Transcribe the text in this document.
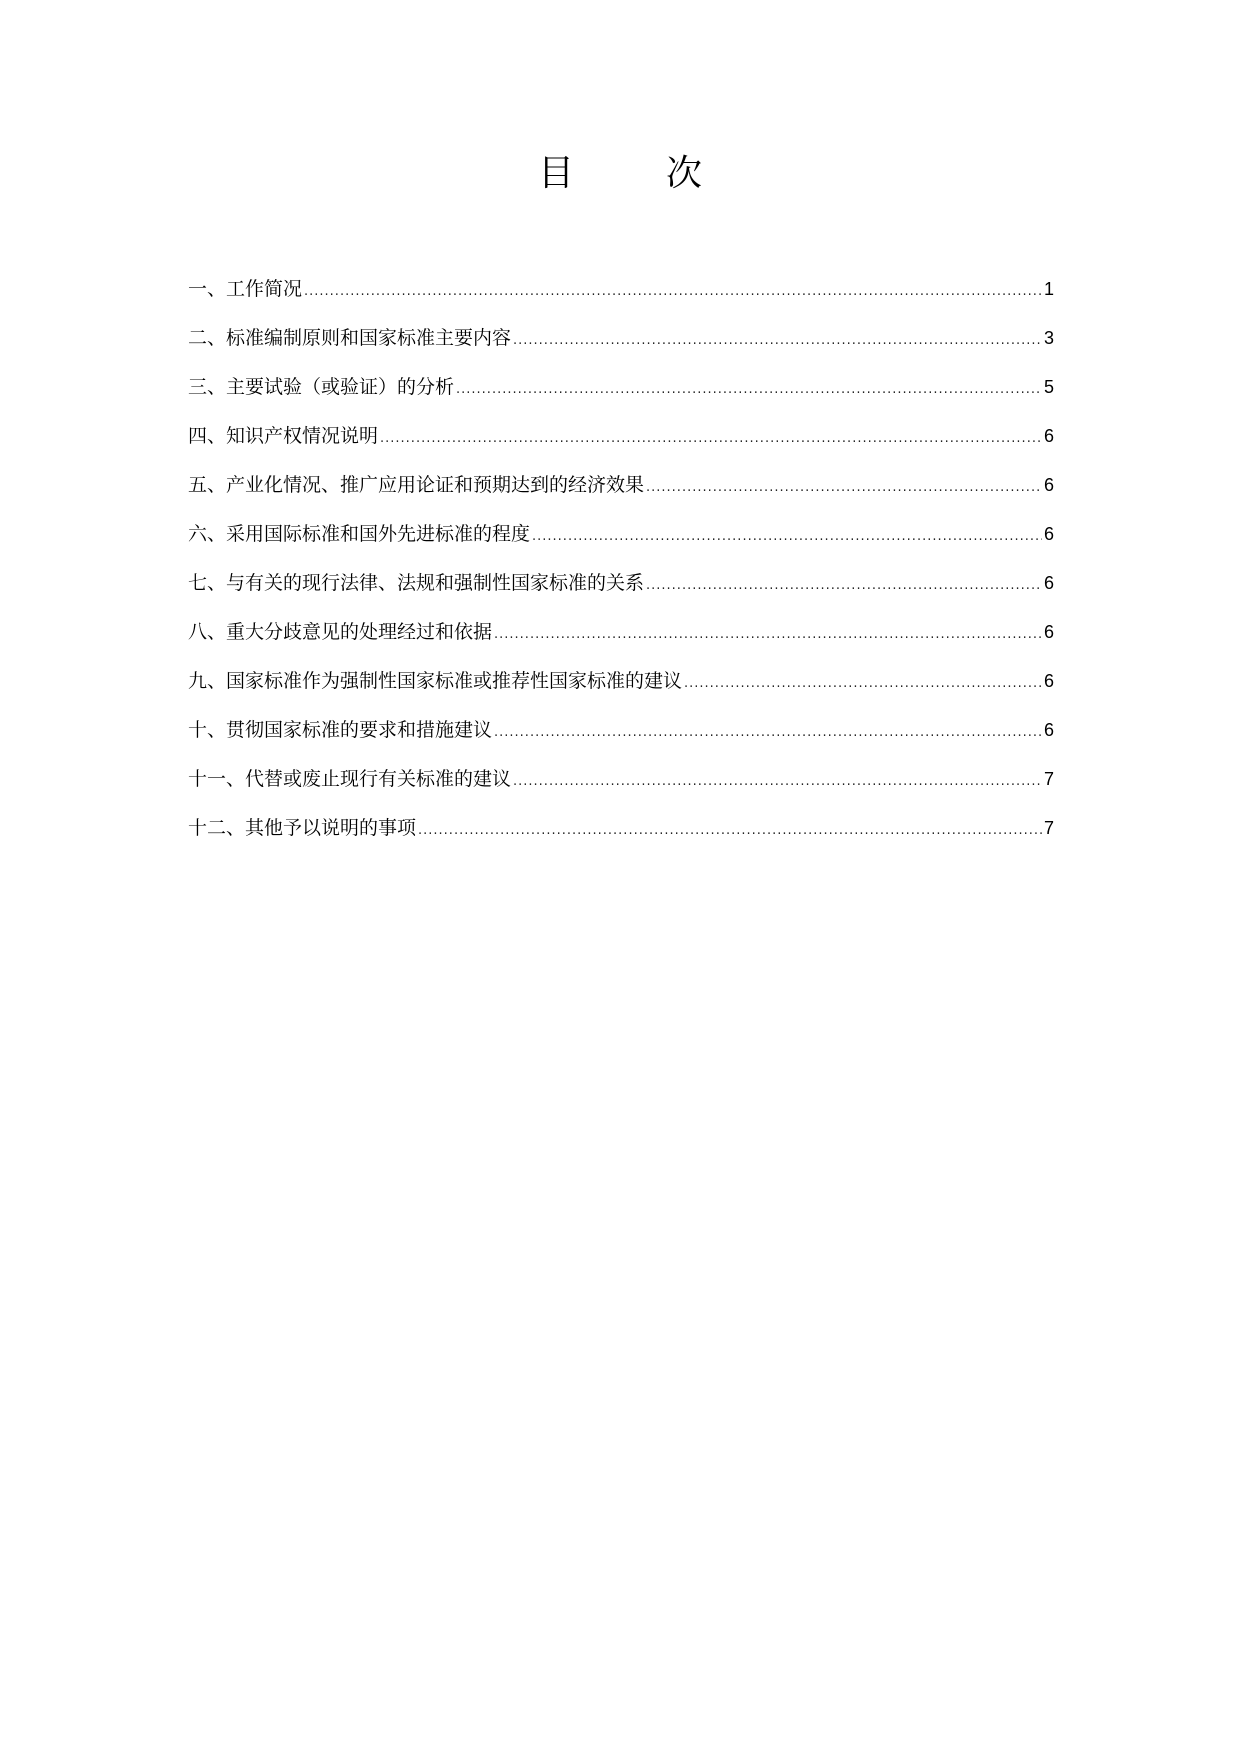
目　次
一、工作简况 .....	1
二、标准编制原则和国家标准主要内容 .....	3
三、主要试验（或验证）的分析 .....	5
四、知识产权情况说明 .....	6
五、产业化情况、推广应用论证和预期达到的经济效果 .....	6
六、采用国际标准和国外先进标准的程度 .....	6
七、与有关的现行法律、法规和强制性国家标准的关系 .....	6
八、重大分歧意见的处理经过和依据 .....	6
九、国家标准作为强制性国家标准或推荐性国家标准的建议 .....	6
十、贯彻国家标准的要求和措施建议 .....	6
十一、代替或废止现行有关标准的建议 .....	7
十二、其他予以说明的事项 .....	7
